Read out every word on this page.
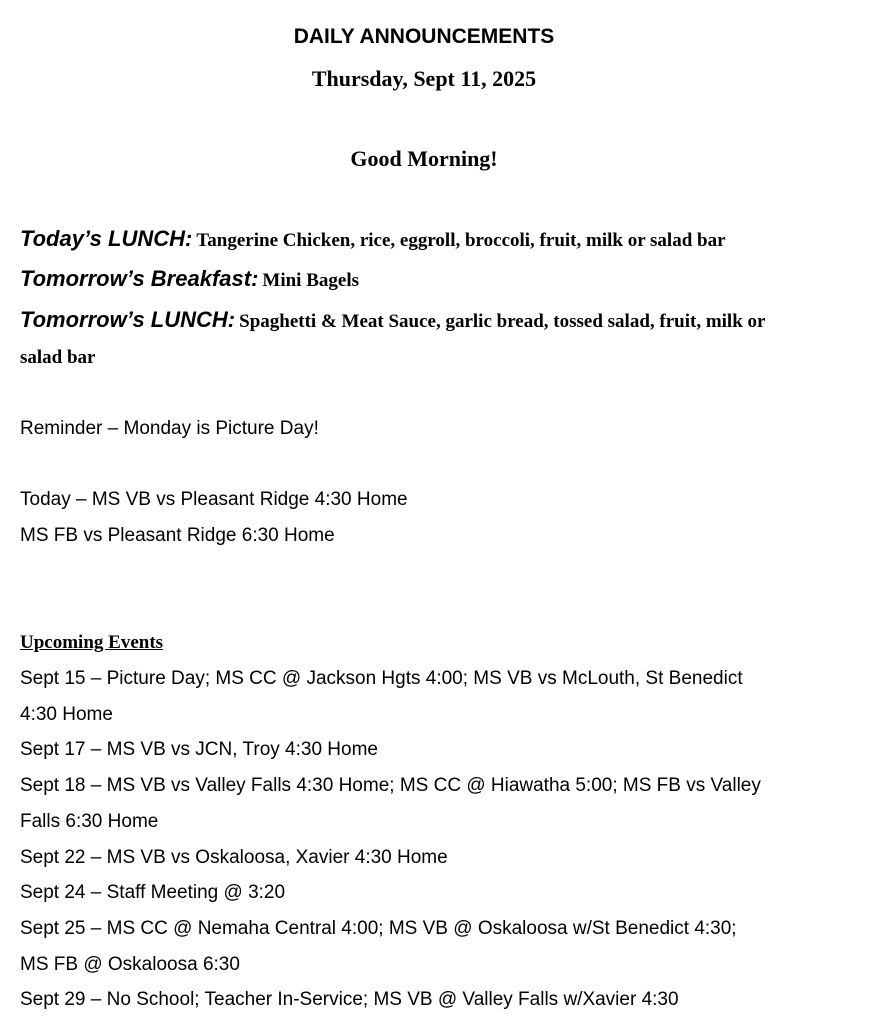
DAILY ANNOUNCEMENTS
Thursday, Sept 11, 2025
Good Morning!
Today’s LUNCH: Tangerine Chicken, rice, eggroll, broccoli, fruit, milk or salad bar
Tomorrow’s Breakfast: Mini Bagels
Tomorrow’s LUNCH: Spaghetti & Meat Sauce, garlic bread, tossed salad, fruit, milk or
salad bar
Reminder – Monday is Picture Day!
Today – MS VB vs Pleasant Ridge 4:30 Home
MS FB vs Pleasant Ridge 6:30 Home
Upcoming Events
Sept 15 – Picture Day; MS CC @ Jackson Hgts 4:00; MS VB vs McLouth, St Benedict
4:30 Home
Sept 17 – MS VB vs JCN, Troy 4:30 Home
Sept 18 – MS VB vs Valley Falls 4:30 Home; MS CC @ Hiawatha 5:00; MS FB vs Valley
Falls 6:30 Home
Sept 22 – MS VB vs Oskaloosa, Xavier 4:30 Home
Sept 24 – Staff Meeting @ 3:20
Sept 25 – MS CC @ Nemaha Central 4:00; MS VB @ Oskaloosa w/St Benedict 4:30;
MS FB @ Oskaloosa 6:30
Sept 29 – No School; Teacher In-Service; MS VB @ Valley Falls w/Xavier 4:30
